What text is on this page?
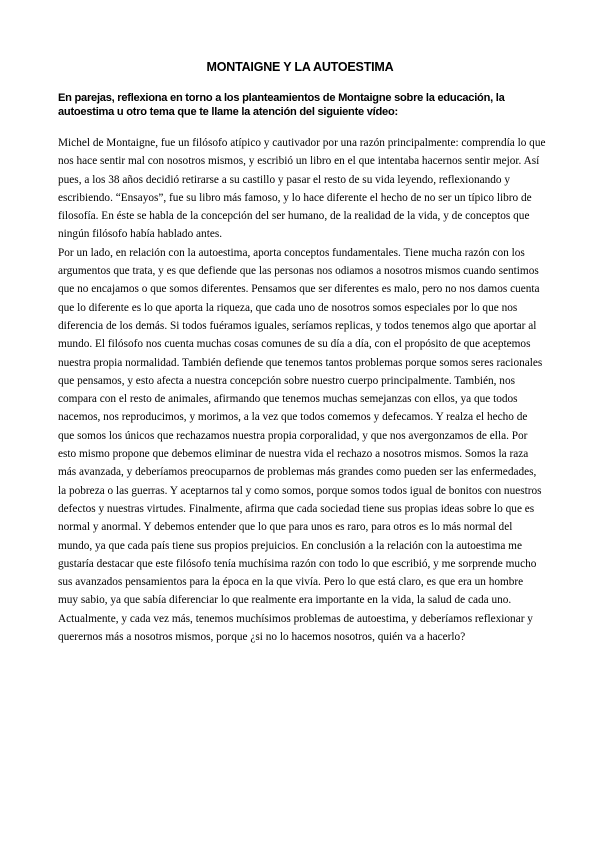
MONTAIGNE Y LA AUTOESTIMA
En parejas, reflexiona en torno a los planteamientos de Montaigne sobre la educación, la autoestima u otro tema que te llame la atención del siguiente vídeo:

Michel de Montaigne, fue un filósofo atípico y cautivador por una razón principalmente: comprendía lo que nos hace sentir mal con nosotros mismos, y escribió un libro en el que intentaba hacernos sentir mejor. Así pues, a los 38 años decidió retirarse a su castillo y pasar el resto de su vida leyendo, reflexionando y escribiendo. “Ensayos”, fue su libro más famoso, y lo hace diferente el hecho de no ser un típico libro de filosofía. En éste se habla de la concepción del ser humano, de la realidad de la vida, y de conceptos que ningún filósofo había hablado antes.

Por un lado, en relación con la autoestima, aporta conceptos fundamentales. Tiene mucha razón con los argumentos que trata, y es que defiende que las personas nos odiamos a nosotros mismos cuando sentimos que no encajamos o que somos diferentes. Pensamos que ser diferentes es malo, pero no nos damos cuenta que lo diferente es lo que aporta la riqueza, que cada uno de nosotros somos especiales por lo que nos diferencia de los demás. Si todos fuéramos iguales, seríamos replicas, y todos tenemos algo que aportar al mundo. El filósofo nos cuenta muchas cosas comunes de su día a día, con el propósito de que aceptemos nuestra propia normalidad. También defiende que tenemos tantos problemas porque somos seres racionales que pensamos, y esto afecta a nuestra concepción sobre nuestro cuerpo principalmente. También, nos compara con el resto de animales, afirmando que tenemos muchas semejanzas con ellos, ya que todos nacemos, nos reproducimos, y morimos, a la vez que todos comemos y defecamos. Y realza el hecho de que somos los únicos que rechazamos nuestra propia corporalidad, y que nos avergonzamos de ella. Por esto mismo propone que debemos eliminar de nuestra vida el rechazo a nosotros mismos. Somos la raza más avanzada, y deberíamos preocuparnos de problemas más grandes como pueden ser las enfermedades, la pobreza o las guerras. Y aceptarnos tal y como somos, porque somos todos igual de bonitos con nuestros defectos y nuestras virtudes. Finalmente, afirma que cada sociedad tiene sus propias ideas sobre lo que es normal y anormal. Y debemos entender que lo que para unos es raro, para otros es lo más normal del mundo, ya que cada país tiene sus propios prejuicios. En conclusión a la relación con la autoestima me gustaría destacar que este filósofo tenía muchísima razón con todo lo que escribió, y me sorprende mucho sus avanzados pensamientos para la época en la que vivía. Pero lo que está claro, es que era un hombre muy sabio, ya que sabía diferenciar lo que realmente era importante en la vida, la salud de cada uno. Actualmente, y cada vez más, tenemos muchísimos problemas de autoestima, y deberíamos reflexionar y querernos más a nosotros mismos, porque ¿si no lo hacemos nosotros, quién va a hacerlo?
